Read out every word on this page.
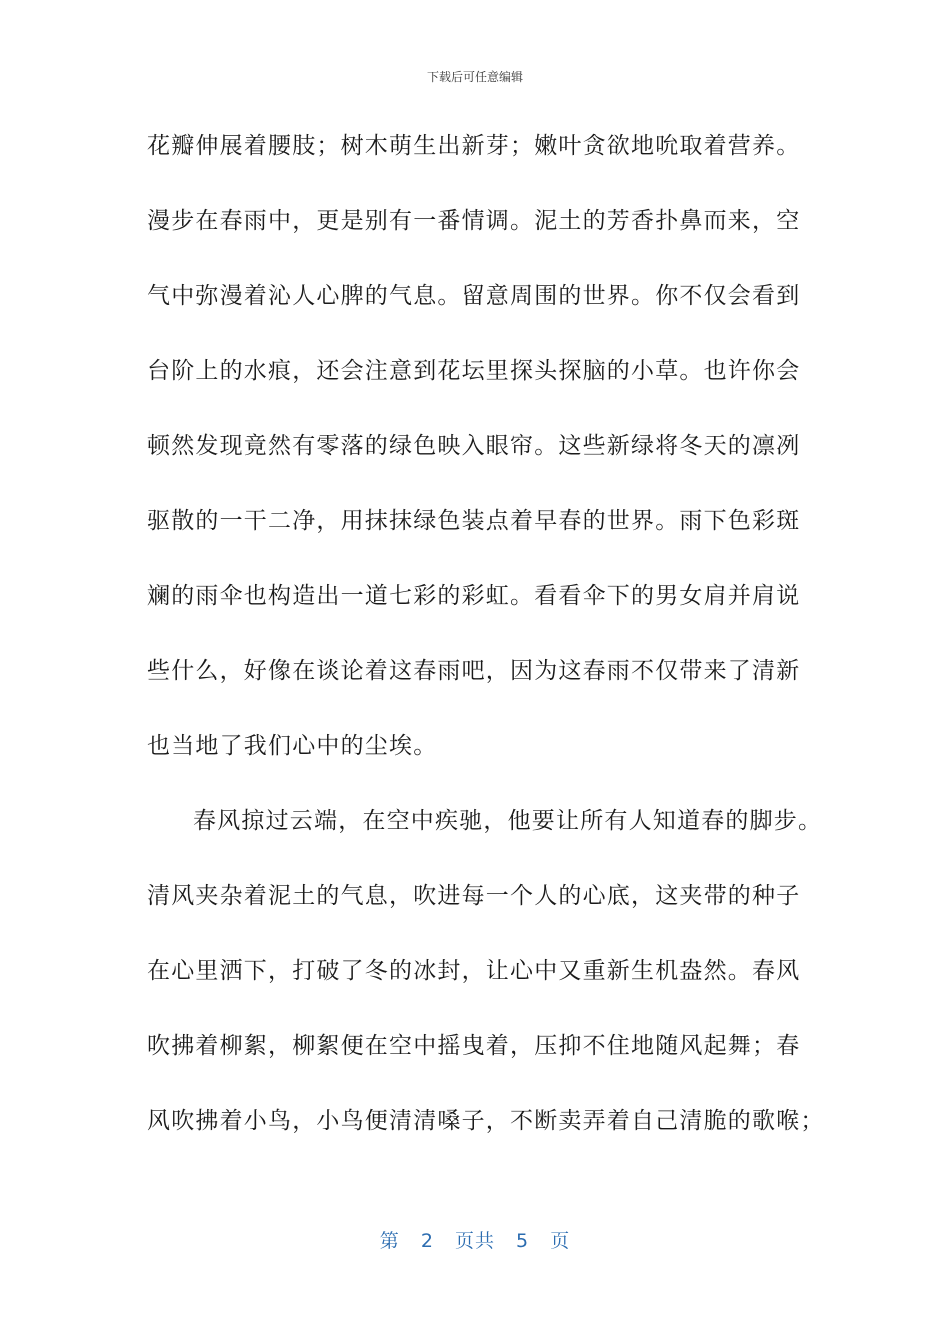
下载后可任意编辑
花瓣伸展着腰肢；树木萌生出新芽；嫩叶贪欲地吮取着营养。
漫步在春雨中，更是别有一番情调。泥土的芳香扑鼻而来，空
气中弥漫着沁人心脾的气息。留意周围的世界。你不仅会看到
台阶上的水痕，还会注意到花坛里探头探脑的小草。也许你会
顿然发现竟然有零落的绿色映入眼帘。这些新绿将冬天的凛冽
驱散的一干二净，用抹抹绿色装点着早春的世界。雨下色彩斑
斓的雨伞也构造出一道七彩的彩虹。看看伞下的男女肩并肩说
些什么，好像在谈论着这春雨吧，因为这春雨不仅带来了清新
也当地了我们心中的尘埃。
春风掠过云端，在空中疾驰，他要让所有人知道春的脚步。
清风夹杂着泥土的气息，吹进每一个人的心底，这夹带的种子
在心里洒下，打破了冬的冰封，让心中又重新生机盎然。春风
吹拂着柳絮，柳絮便在空中摇曳着，压抑不住地随风起舞；春
风吹拂着小鸟，小鸟便清清嗓子，不断卖弄着自己清脆的歌喉；
第 2 页共 5 页
